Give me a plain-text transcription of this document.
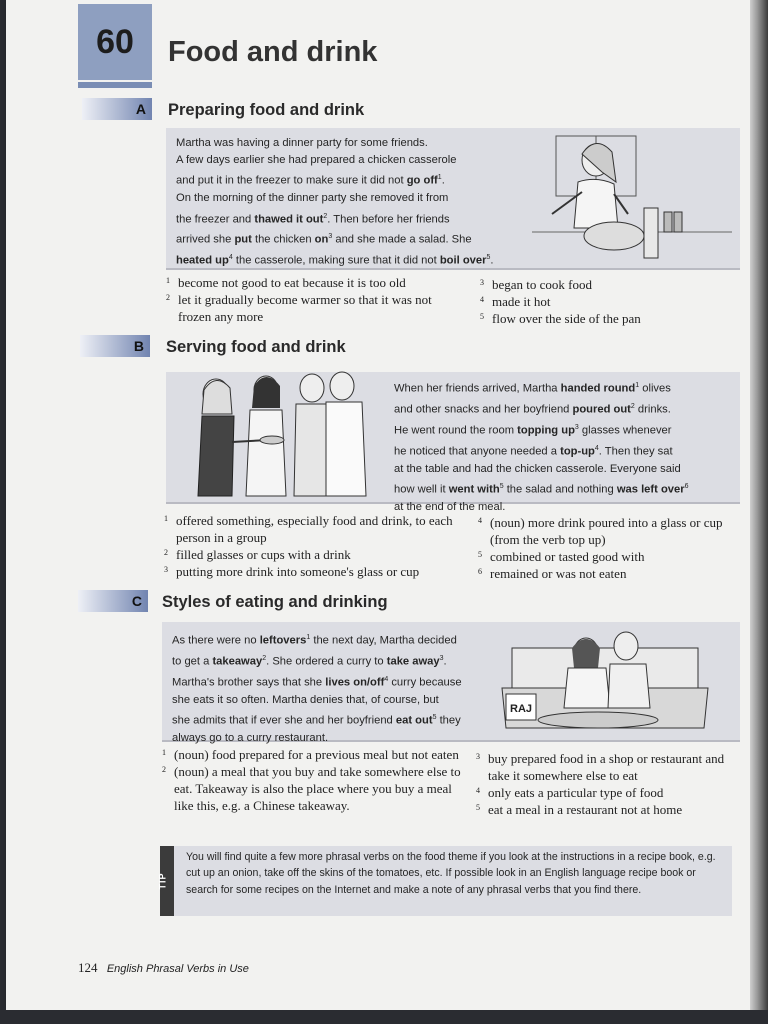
60 Food and drink
A Preparing food and drink
Martha was having a dinner party for some friends.
A few days earlier she had prepared a chicken casserole
and put it in the freezer to make sure it did not go off$^1$.
On the morning of the dinner party she removed it from
the freezer and thawed it out$^2$. Then before her friends
arrived she put the chicken $on^3$ and she made a salad. She
heated $up^4$ the casserole, making sure that it did not boil over$^5$.
1 become not good to eat because it is too old
2 let it gradually become warmer so that it was not frozen any more
3 began to cook food
4 made it hot
5 flow over the side of the pan
B Serving food and drink
When her friends arrived, Martha handed round$^1$ olives
and other snacks and her boyfriend poured out$^2$ drinks.
He went round the room topping $up^3$ glasses whenever
he noticed that anyone needed a top-$up^4$. Then they sat
at the table and had the chicken casserole. Everyone said
how well it went with$^5$ the salad and nothing was left over$^6$
at the end of the meal.
1 offered something, especially food and drink, to each person in a group
2 filled glasses or cups with a drink
3 putting more drink into someone's glass or cup
4 (noun) more drink poured into a glass or cup (from the verb top up)
5 combined or tasted good with
6 remained or was not eaten
C Styles of eating and drinking
As there were no leftovers$^1$ the next day, Martha decided
to get a takeaway$^2$. She ordered a curry to take away$^3$.
Martha's brother says that she lives on/off$^4$ curry because
she eats it so often. Martha denies that, of course, but
she admits that if ever she and her boyfriend eat out$^5$ they
always go to a curry restaurant.
RAJ
1 (noun) food prepared for a previous meal but not eaten
2 (noun) a meal that you buy and take somewhere else to eat. Takeaway is also the place where you buy a meal like this, e.g. a Chinese takeaway.
3 buy prepared food in a shop or restaurant and take it somewhere else to eat
4 only eats a particular type of food
5 eat a meal in a restaurant not at home
TIP
You will find quite a few more phrasal verbs on the food theme if you look at the instructions in a recipe book, e.g. cut up an onion, take off the skins of the tomatoes, etc. If possible look in an English language recipe book or search for some recipes on the Internet and make a note of any phrasal verbs that you find there.
124 English Phrasal Verbs in Use
